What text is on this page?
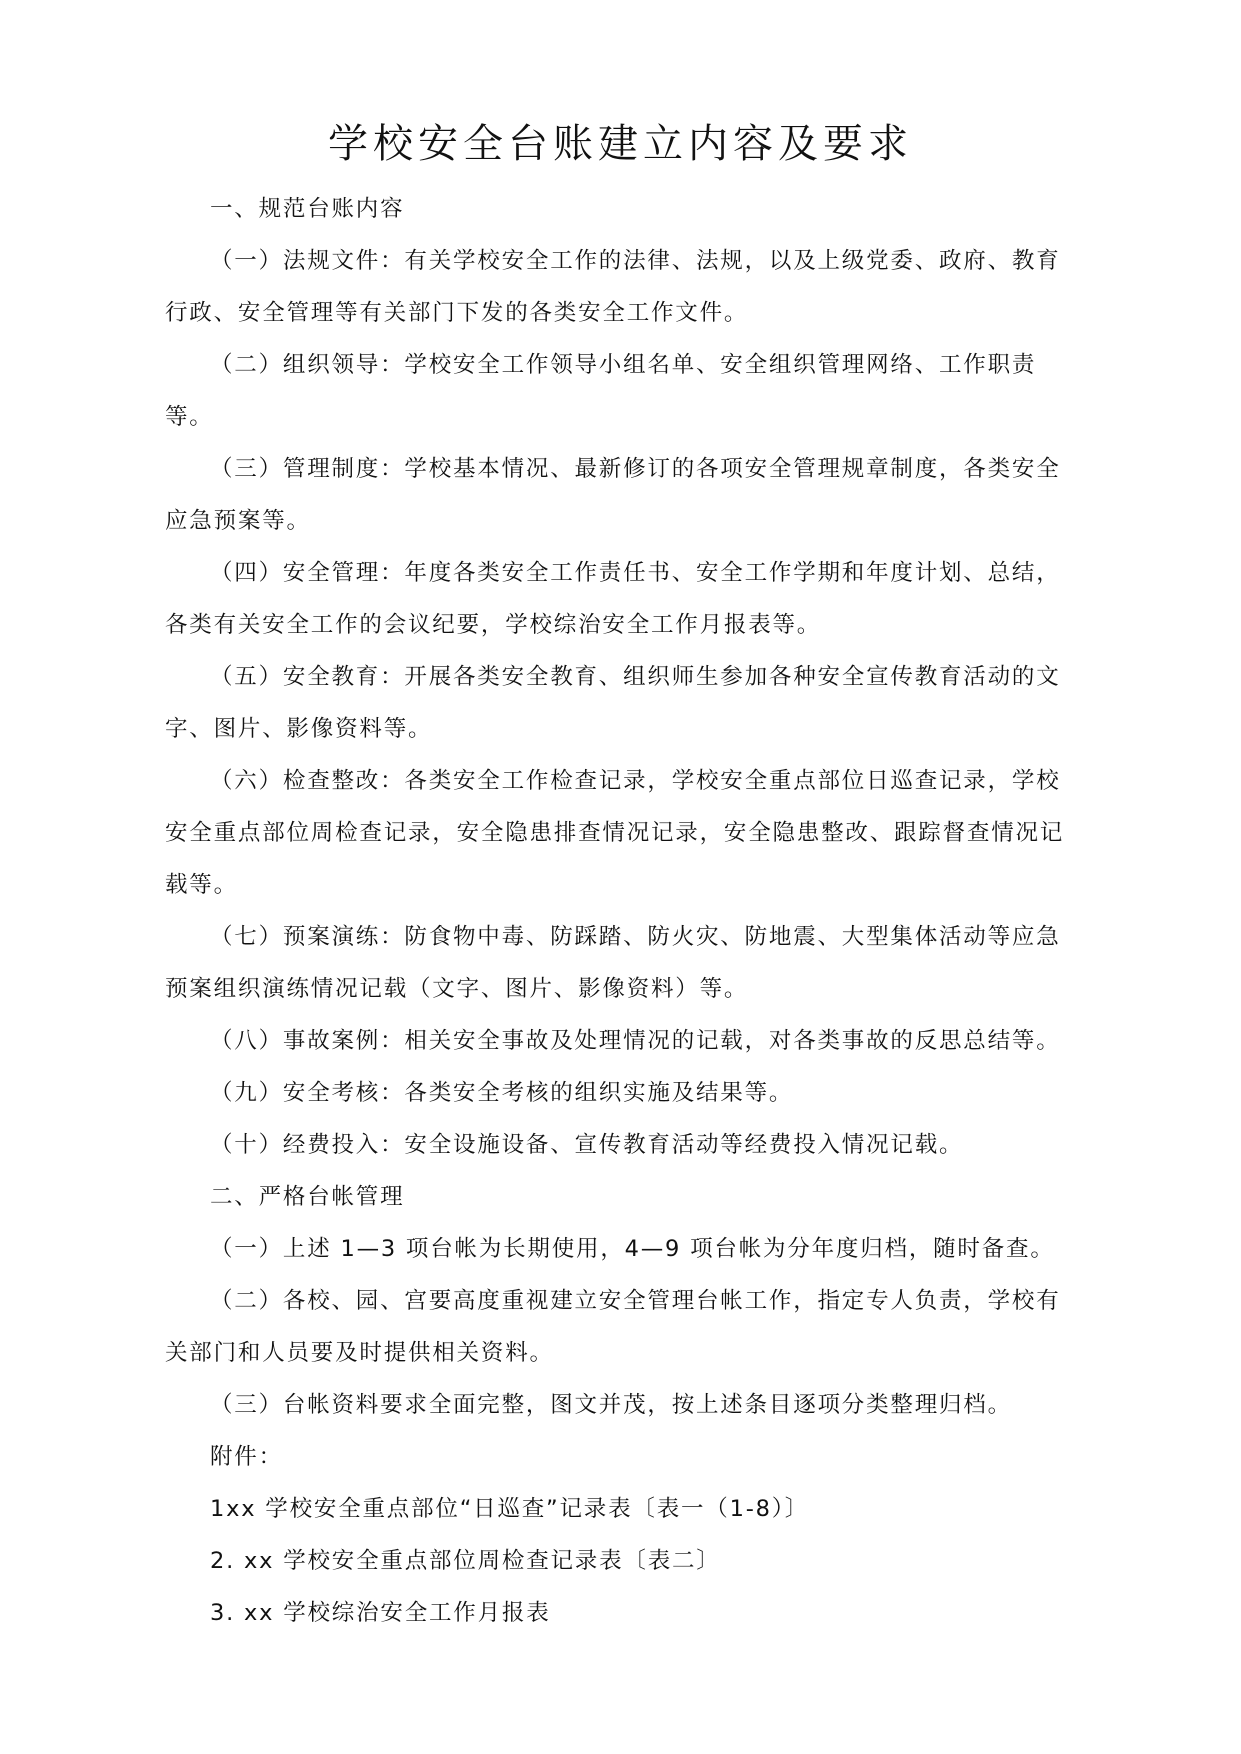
学校安全台账建立内容及要求

一、规范台账内容

（一）法规文件：有关学校安全工作的法律、法规，以及上级党委、政府、教育行政、安全管理等有关部门下发的各类安全工作文件。

（二）组织领导：学校安全工作领导小组名单、安全组织管理网络、工作职责等。

（三）管理制度：学校基本情况、最新修订的各项安全管理规章制度，各类安全应急预案等。

（四）安全管理：年度各类安全工作责任书、安全工作学期和年度计划、总结，各类有关安全工作的会议纪要，学校综治安全工作月报表等。

（五）安全教育：开展各类安全教育、组织师生参加各种安全宣传教育活动的文字、图片、影像资料等。

（六）检查整改：各类安全工作检查记录，学校安全重点部位日巡查记录，学校安全重点部位周检查记录，安全隐患排查情况记录，安全隐患整改、跟踪督查情况记载等。

（七）预案演练：防食物中毒、防踩踏、防火灾、防地震、大型集体活动等应急预案组织演练情况记载（文字、图片、影像资料）等。

（八）事故案例：相关安全事故及处理情况的记载，对各类事故的反思总结等。

（九）安全考核：各类安全考核的组织实施及结果等。

（十）经费投入：安全设施设备、宣传教育活动等经费投入情况记载。

二、严格台帐管理

（一）上述 1—3 项台帐为长期使用，4—9 项台帐为分年度归档，随时备查。

（二）各校、园、宫要高度重视建立安全管理台帐工作，指定专人负责，学校有关部门和人员要及时提供相关资料。

（三）台帐资料要求全面完整，图文并茂，按上述条目逐项分类整理归档。

附件：

1xx 学校安全重点部位“日巡查”记录表〔表一（1-8）〕

2. xx 学校安全重点部位周检查记录表〔表二〕

3. xx 学校综治安全工作月报表
